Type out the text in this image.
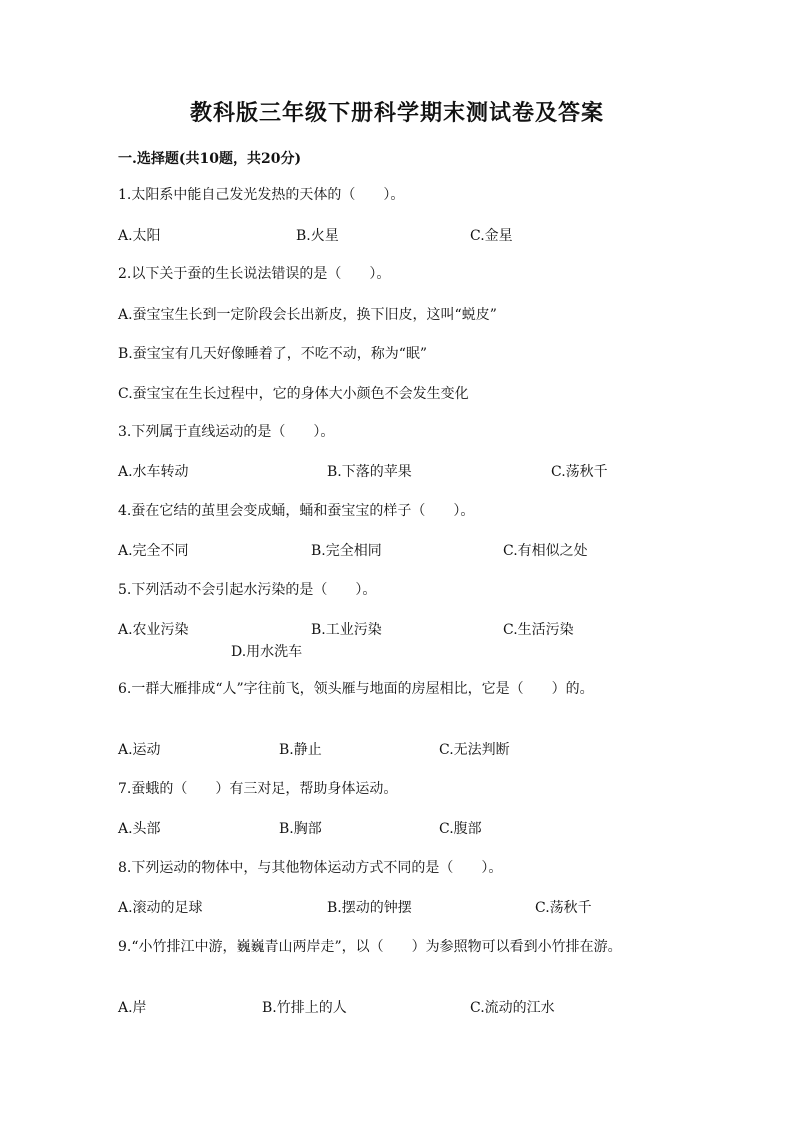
教科版三年级下册科学期末测试卷及答案
一.选择题(共10题，共20分)
1.太阳系中能自己发光发热的天体的（　　）。
A.太阳	B.火星	C.金星
2.以下关于蚕的生长说法错误的是（　　）。
A.蚕宝宝生长到一定阶段会长出新皮，换下旧皮，这叫“蜕皮”
B.蚕宝宝有几天好像睡着了，不吃不动，称为“眠”
C.蚕宝宝在生长过程中，它的身体大小颜色不会发生变化
3.下列属于直线运动的是（　　）。
A.水车转动	B.下落的苹果	C.荡秋千
4.蚕在它结的茧里会变成蛹，蛹和蚕宝宝的样子（　　）。
A.完全不同	B.完全相同	C.有相似之处
5.下列活动不会引起水污染的是（　　）。
A.农业污染	B.工业污染	C.生活污染
D.用水洗车
6.一群大雁排成“人”字往前飞，领头雁与地面的房屋相比，它是（　　）的。
A.运动	B.静止	C.无法判断
7.蚕蛾的（　　）有三对足，帮助身体运动。
A.头部	B.胸部	C.腹部
8.下列运动的物体中，与其他物体运动方式不同的是（　　）。
A.滚动的足球	B.摆动的钟摆	C.荡秋千
9.“小竹排江中游，巍巍青山两岸走”，以（　　）为参照物可以看到小竹排在游。
A.岸	B.竹排上的人	C.流动的江水
